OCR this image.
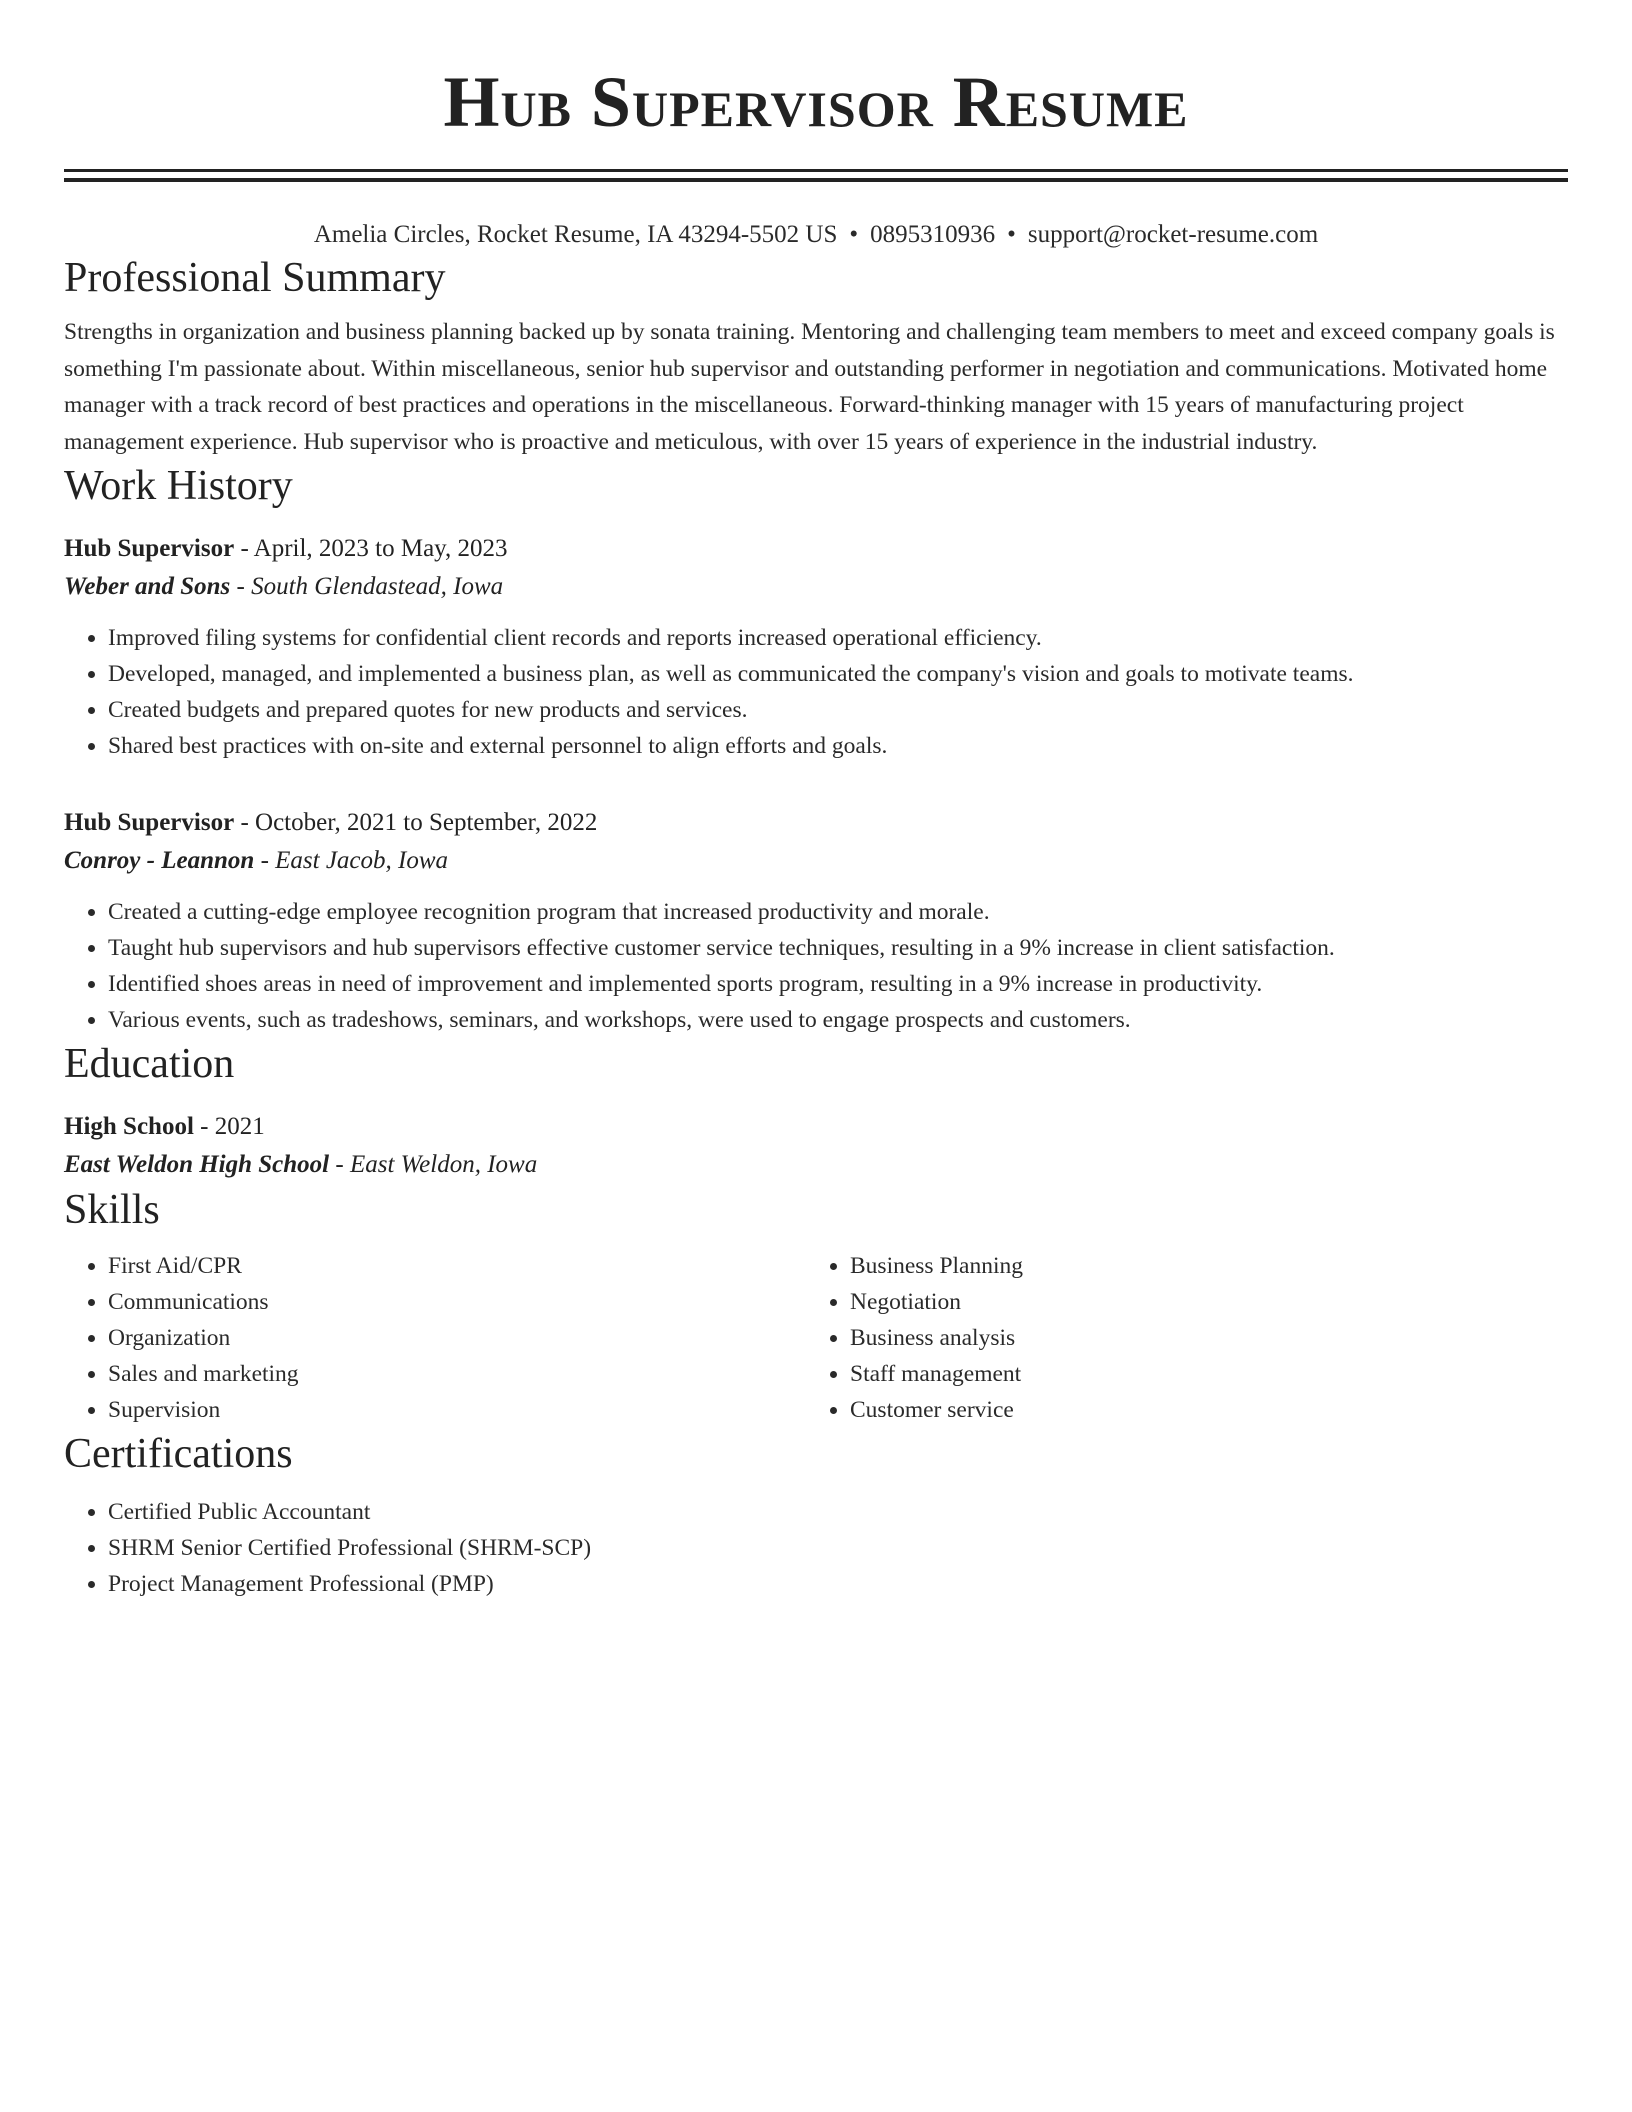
Hub Supervisor Resume
Amelia Circles, Rocket Resume, IA 43294-5502 US • 0895310936 • support@rocket-resume.com
Professional Summary

Strengths in organization and business planning backed up by sonata training. Mentoring and challenging team members to meet and exceed company goals is something I'm passionate about. Within miscellaneous, senior hub supervisor and outstanding performer in negotiation and communications. Motivated home manager with a track record of best practices and operations in the miscellaneous. Forward-thinking manager with 15 years of manufacturing project management experience. Hub supervisor who is proactive and meticulous, with over 15 years of experience in the industrial industry.

Work History
Hub Supervisor - April, 2023 to May, 2023
Weber and Sons - South Glendastead, Iowa
• Improved filing systems for confidential client records and reports increased operational efficiency.
• Developed, managed, and implemented a business plan, as well as communicated the company's vision and goals to motivate teams.
• Created budgets and prepared quotes for new products and services.
• Shared best practices with on-site and external personnel to align efforts and goals.
Hub Supervisor - October, 2021 to September, 2022
Conroy - Leannon - East Jacob, Iowa
• Created a cutting-edge employee recognition program that increased productivity and morale.
• Taught hub supervisors and hub supervisors effective customer service techniques, resulting in a 9% increase in client satisfaction.
• Identified shoes areas in need of improvement and implemented sports program, resulting in a 9% increase in productivity.
• Various events, such as tradeshows, seminars, and workshops, were used to engage prospects and customers.
Education
High School - 2021
East Weldon High School - East Weldon, Iowa
Skills
• First Aid/CPR
• Communications
• Organization
• Sales and marketing
• Supervision
• Business Planning
• Negotiation
• Business analysis
• Staff management
• Customer service
Certifications
• Certified Public Accountant
• SHRM Senior Certified Professional (SHRM-SCP)
• Project Management Professional (PMP)
